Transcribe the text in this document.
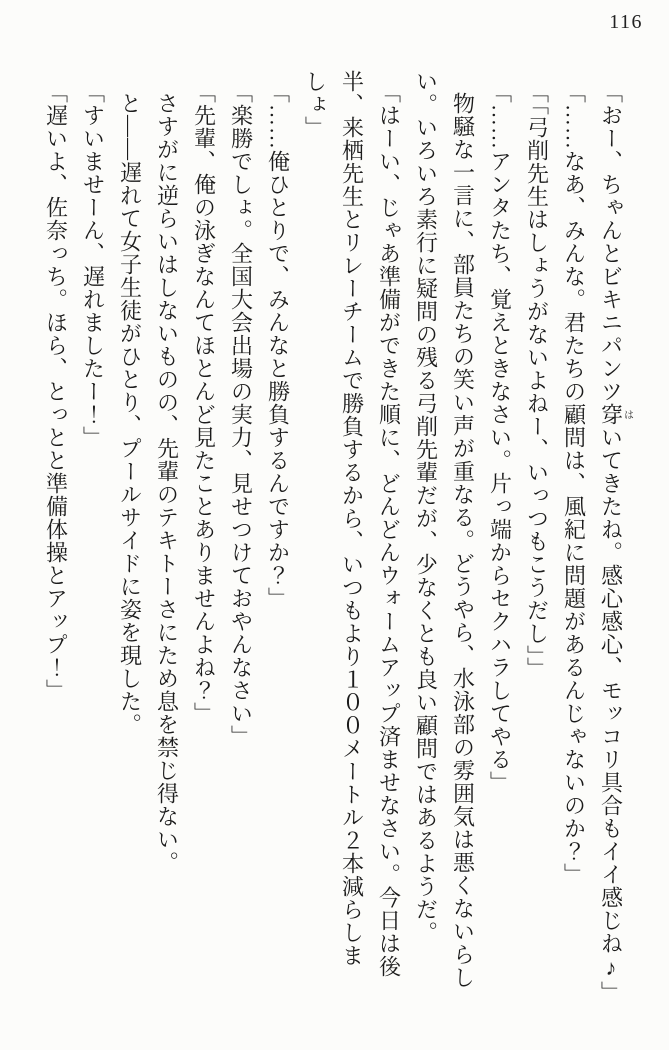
116

「おー、ちゃんとビキニパンツ穿はいてきたね。感心感心、モッコリ具合もイイ感じね♪」

「……なあ、みんな。君たちの顧問は、風紀に問題があるんじゃないのか？」

「「弓削先生はしょうがないよねー、いっつもこうだし」」

「……アンタたち、覚えときなさい。片っ端からセクハラしてやる」

物騒な一言に、部員たちの笑い声が重なる。どうやら、水泳部の雰囲気は悪くないらし

い。いろいろ素行に疑問の残る弓削先輩だが、少なくとも良い顧問ではあるようだ。

「はーい、じゃあ準備ができた順に、どんどんウォームアップ済ませなさい。今日は後

半、来栖先生とリレーチームで勝負するから、いつもより１００メートル２本減らしま

しょ」

「……俺ひとりで、みんなと勝負するんですか？」

「楽勝でしょ。全国大会出場の実力、見せつけておやんなさい」

「先輩、俺の泳ぎなんてほとんど見たことありませんよね？」

さすがに逆らいはしないものの、先輩のテキトーさにため息を禁じ得ない。

と――遅れて女子生徒がひとり、プールサイドに姿を現した。

「すいませーん、遅れましたー！」

「遅いよ、佐奈っち。ほら、とっとと準備体操とアップ！」
